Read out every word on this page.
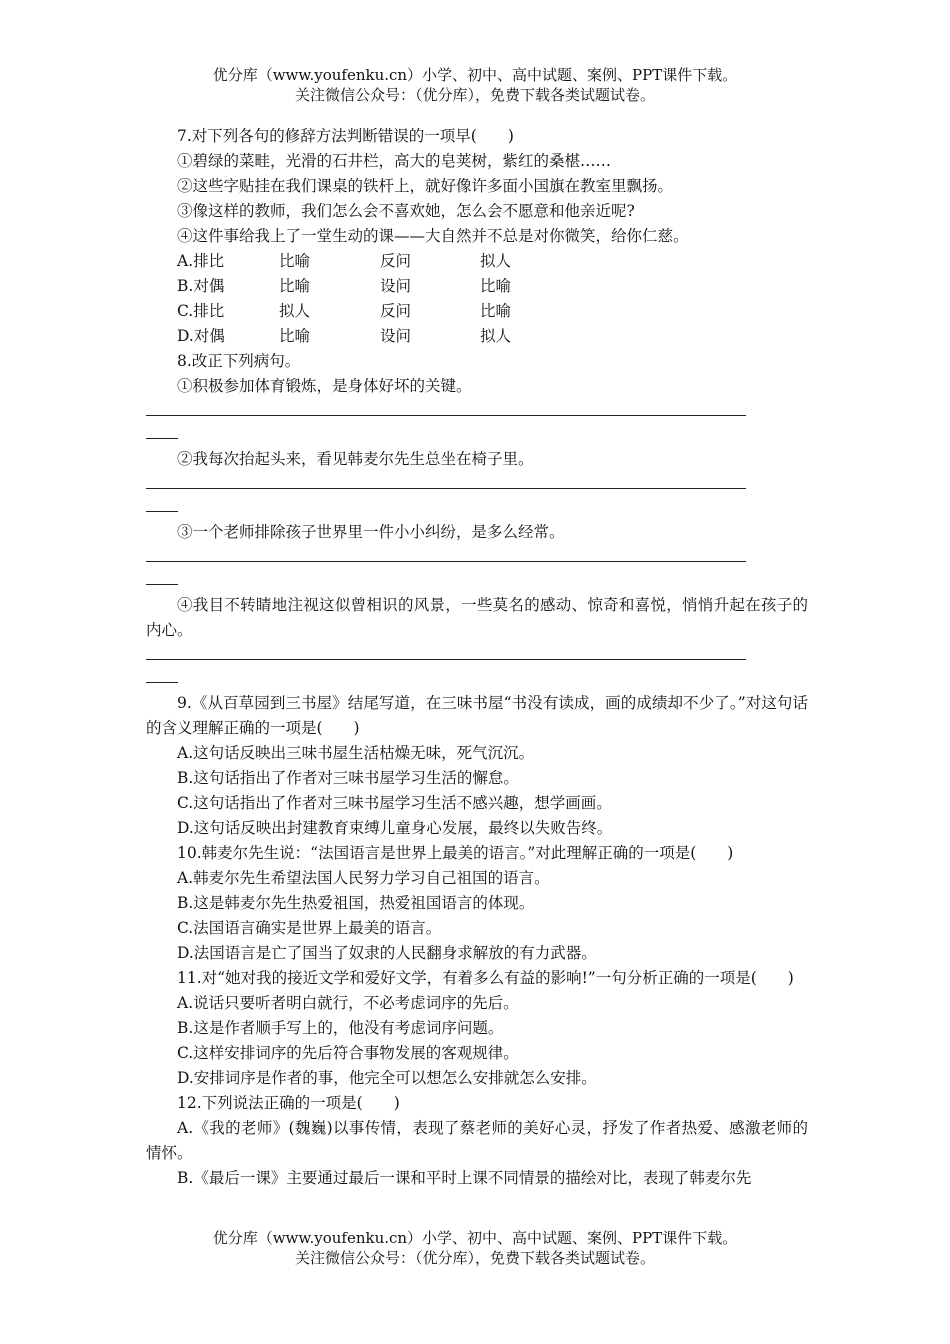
优分库（www.youfenku.cn）小学、初中、高中试题、案例、PPT课件下载。
关注微信公众号：（优分库），免费下载各类试题试卷。

7.对下列各句的修辞方法判断错误的一项早(　　)

①碧绿的菜畦，光滑的石井栏，高大的皂荚树，紫红的桑椹……

②这些字贴挂在我们课桌的铁杆上，就好像许多面小国旗在教室里飘扬。

③像这样的教师，我们怎么会不喜欢她，怎么会不愿意和他亲近呢?

④这件事给我上了一堂生动的课——大自然并不总是对你微笑，给你仁慈。

A.排比	比喻	反问	拟人
B.对偶	比喻	设问	比喻
C.排比	拟人	反问	比喻
D.对偶	比喻	设问	拟人

8.改正下列病句。

①积极参加体育锻炼，是身体好坏的关键。

②我每次抬起头来，看见韩麦尔先生总坐在椅子里。

③一个老师排除孩子世界里一件小小纠纷，是多么经常。

④我目不转睛地注视这似曾相识的风景，一些莫名的感动、惊奇和喜悦，悄悄升起在孩子的内心。

9.《从百草园到三书屋》结尾写道，在三味书屋“书没有读成，画的成绩却不少了。”对这句话的含义理解正确的一项是(　　)

A.这句话反映出三味书屋生活枯燥无味，死气沉沉。

B.这句话指出了作者对三味书屋学习生活的懈怠。

C.这句话指出了作者对三味书屋学习生活不感兴趣，想学画画。

D.这句话反映出封建教育束缚儿童身心发展，最终以失败告终。

10.韩麦尔先生说：“法国语言是世界上最美的语言。”对此理解正确的一项是(　　)

A.韩麦尔先生希望法国人民努力学习自己祖国的语言。

B.这是韩麦尔先生热爱祖国，热爱祖国语言的体现。

C.法国语言确实是世界上最美的语言。

D.法国语言是亡了国当了奴隶的人民翻身求解放的有力武器。

11.对“她对我的接近文学和爱好文学，有着多么有益的影响!”一句分析正确的一项是(　　)

A.说话只要听者明白就行，不必考虑词序的先后。

B.这是作者顺手写上的，他没有考虑词序问题。

C.这样安排词序的先后符合事物发展的客观规律。

D.安排词序是作者的事，他完全可以想怎么安排就怎么安排。

12.下列说法正确的一项是(　　)

A.《我的老师》(魏巍)以事传情，表现了蔡老师的美好心灵，抒发了作者热爱、感激老师的情怀。

B.《最后一课》主要通过最后一课和平时上课不同情景的描绘对比，表现了韩麦尔先

优分库（www.youfenku.cn）小学、初中、高中试题、案例、PPT课件下载。
关注微信公众号：（优分库），免费下载各类试题试卷。
